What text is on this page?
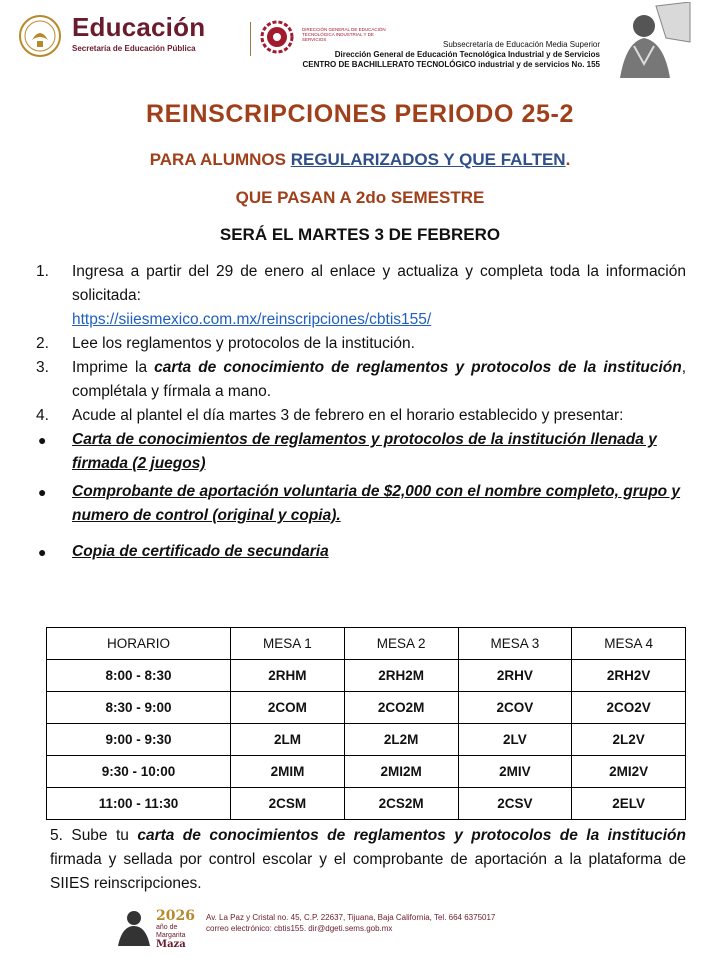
Educación
Secretaría de Educación Pública
DIRECCIÓN GENERAL DE EDUCACIÓN TECNOLÓGICA INDUSTRIAL Y DE SERVICIOS
Subsecretaría de Educación Media Superior
Dirección General de Educación Tecnológica Industrial y de Servicios
CENTRO DE BACHILLERATO TECNOLÓGICO industrial y de servicios No. 155
REINSCRIPCIONES PERIODO 25-2
PARA ALUMNOS REGULARIZADOS Y QUE FALTEN.
QUE PASAN A 2do SEMESTRE
SERÁ EL MARTES 3 DE FEBRERO
1.	Ingresa a partir del 29 de enero al enlace y actualiza y completa toda la información solicitada:
https://siiesmexico.com.mx/reinscripciones/cbtis155/
2.	Lee los reglamentos y protocolos de la institución.
3.	Imprime la carta de conocimiento de reglamentos y protocolos de la institución, complétala y fírmala a mano.
4.	Acude al plantel el día martes 3 de febrero en el horario establecido y presentar:
●	Carta de conocimientos de reglamentos y protocolos de la institución llenada y firmada (2 juegos)
●	Comprobante de aportación voluntaria de $2,000 con el nombre completo, grupo y numero de control (original y copia).
●	Copia de certificado de secundaria
HORARIO	MESA 1	MESA 2	MESA 3	MESA 4
8:00 - 8:30	2RHM	2RH2M	2RHV	2RH2V
8:30 - 9:00	2COM	2CO2M	2COV	2CO2V
9:00 - 9:30	2LM	2L2M	2LV	2L2V
9:30 - 10:00	2MIM	2MI2M	2MIV	2MI2V
11:00 - 11:30	2CSM	2CS2M	2CSV	2ELV
5. Sube tu carta de conocimientos de reglamentos y protocolos de la institución firmada y sellada por control escolar y el comprobante de aportación a la plataforma de SIIES reinscripciones.
2026
año de
Margarita
Maza
Av. La Paz y Cristal no. 45, C.P. 22637, Tijuana, Baja California, Tel. 664 6375017
correo electrónico: cbtis155. dir@dgeti.sems.gob.mx
